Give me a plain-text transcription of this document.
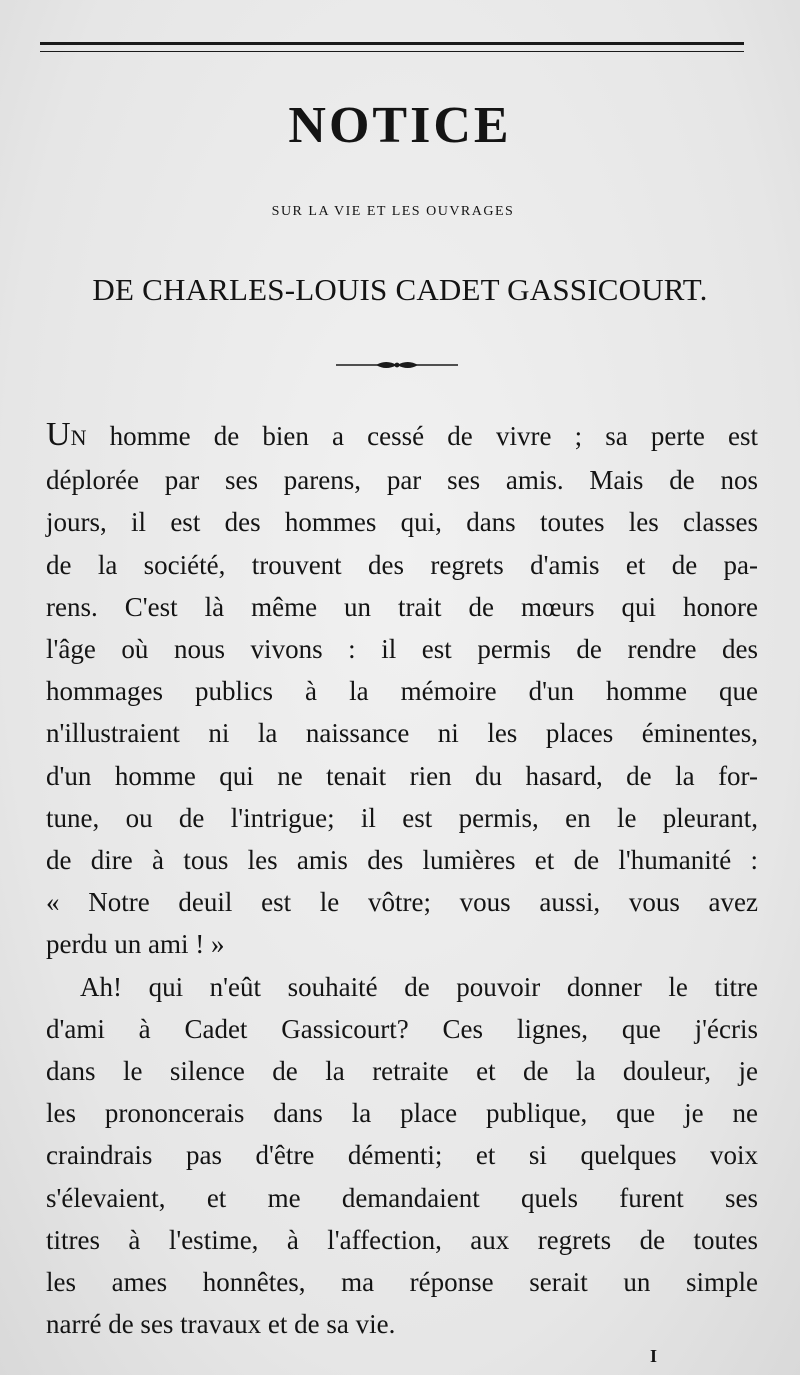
NOTICE
SUR LA VIE ET LES OUVRAGES
DE CHARLES-LOUIS CADET GASSICOURT.

UN homme de bien a cessé de vivre ; sa perte est
déplorée par ses parens, par ses amis. Mais de nos
jours, il est des hommes qui, dans toutes les classes
de la société, trouvent des regrets d'amis et de pa-
rens. C'est là même un trait de mœurs qui honore
l'âge où nous vivons : il est permis de rendre des
hommages publics à la mémoire d'un homme que
n'illustraient ni la naissance ni les places éminentes,
d'un homme qui ne tenait rien du hasard, de la for-
tune, ou de l'intrigue; il est permis, en le pleurant,
de dire à tous les amis des lumières et de l'humanité :
« Notre deuil est le vôtre; vous aussi, vous avez
perdu un ami ! »

Ah! qui n'eût souhaité de pouvoir donner le titre
d'ami à Cadet Gassicourt? Ces lignes, que j'écris
dans le silence de la retraite et de la douleur, je
les prononcerais dans la place publique, que je ne
craindrais pas d'être démenti; et si quelques voix
s'élevaient, et me demandaient quels furent ses
titres à l'estime, à l'affection, aux regrets de toutes
les ames honnêtes, ma réponse serait un simple
narré de ses travaux et de sa vie.

I
